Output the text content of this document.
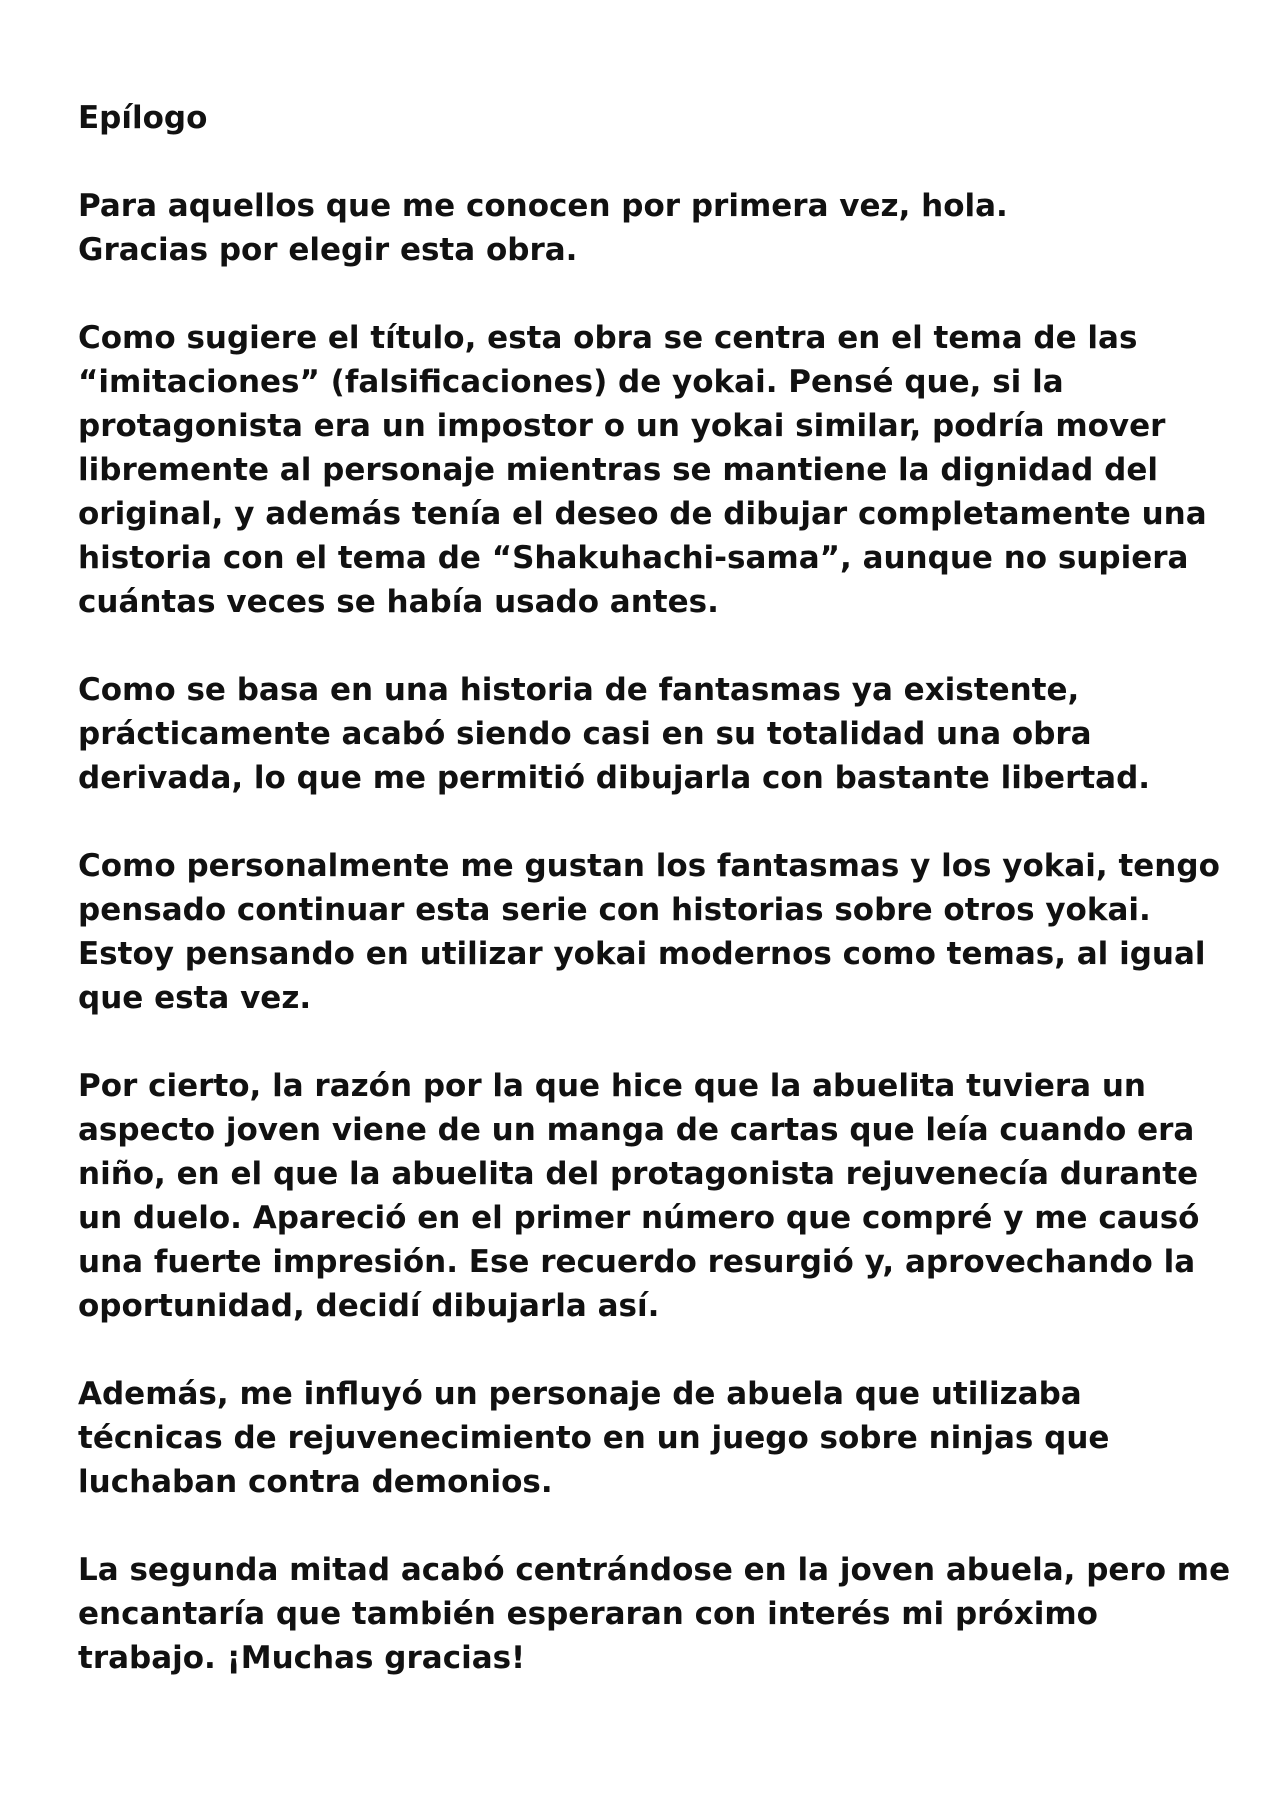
Epílogo
Para aquellos que me conocen por primera vez, hola.
Gracias por elegir esta obra.
Como sugiere el título, esta obra se centra en el tema de las
“imitaciones” (falsificaciones) de yokai. Pensé que, si la
protagonista era un impostor o un yokai similar, podría mover
libremente al personaje mientras se mantiene la dignidad del
original, y además tenía el deseo de dibujar completamente una
historia con el tema de “Shakuhachi-sama”, aunque no supiera
cuántas veces se había usado antes.
Como se basa en una historia de fantasmas ya existente,
prácticamente acabó siendo casi en su totalidad una obra
derivada, lo que me permitió dibujarla con bastante libertad.
Como personalmente me gustan los fantasmas y los yokai, tengo
pensado continuar esta serie con historias sobre otros yokai.
Estoy pensando en utilizar yokai modernos como temas, al igual
que esta vez.
Por cierto, la razón por la que hice que la abuelita tuviera un
aspecto joven viene de un manga de cartas que leía cuando era
niño, en el que la abuelita del protagonista rejuvenecía durante
un duelo. Apareció en el primer número que compré y me causó
una fuerte impresión. Ese recuerdo resurgió y, aprovechando la
oportunidad, decidí dibujarla así.
Además, me influyó un personaje de abuela que utilizaba
técnicas de rejuvenecimiento en un juego sobre ninjas que
luchaban contra demonios.
La segunda mitad acabó centrándose en la joven abuela, pero me
encantaría que también esperaran con interés mi próximo
trabajo. ¡Muchas gracias!
